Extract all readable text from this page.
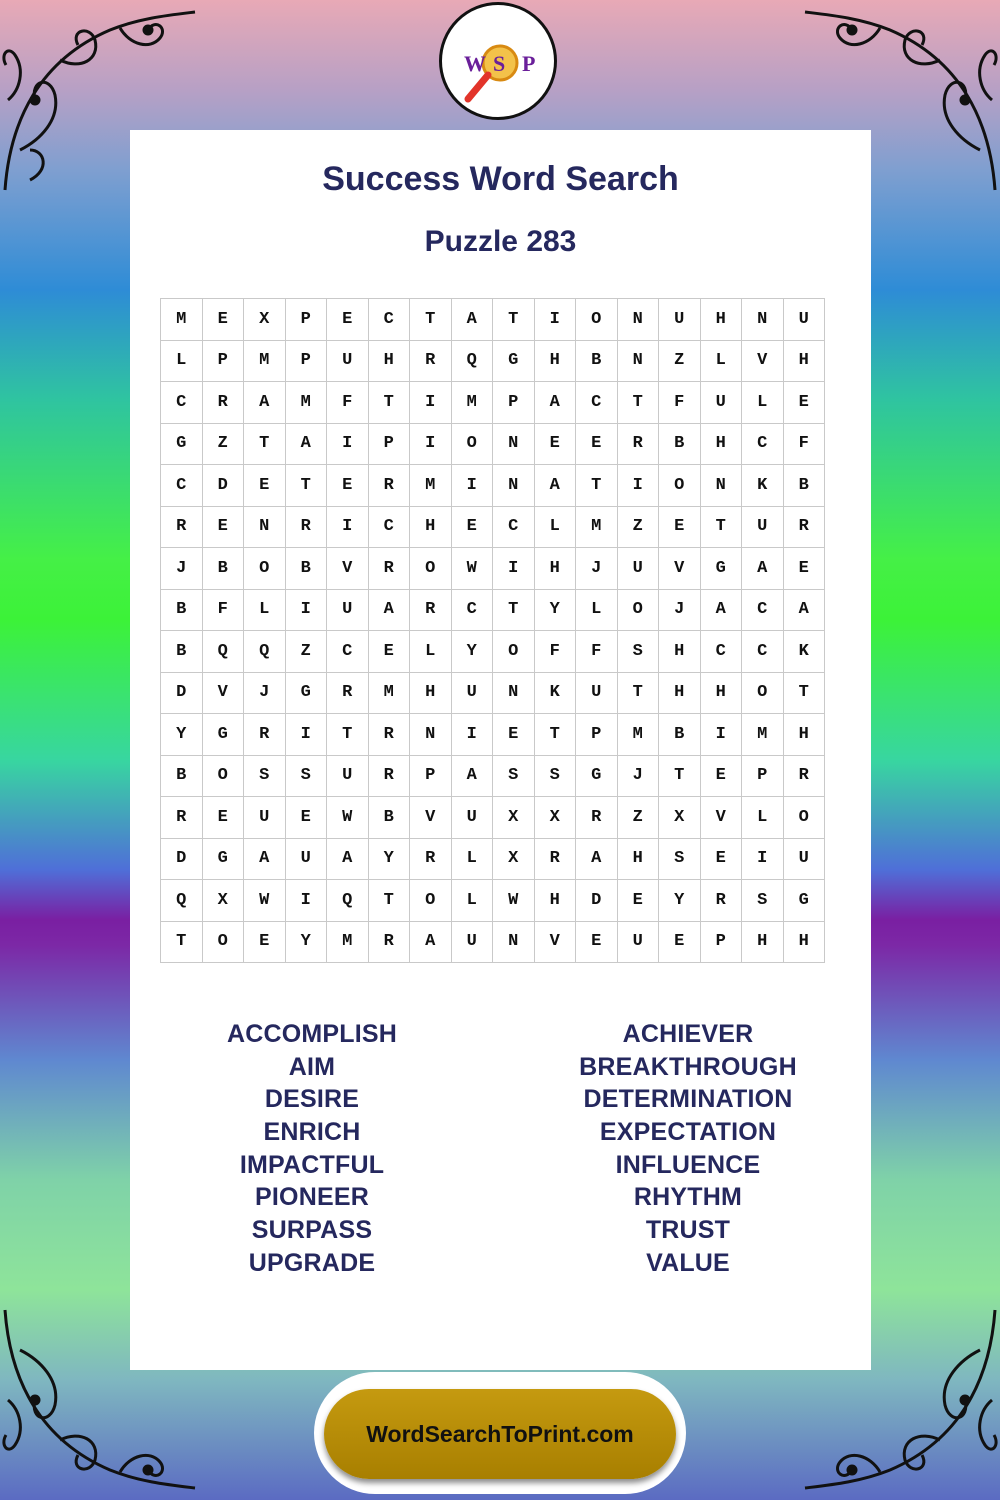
W S P
Success Word Search
Puzzle 283
M	E	X	P	E	C	T	A	T	I	O	N	U	H	N	U
L	P	M	P	U	H	R	Q	G	H	B	N	Z	L	V	H
C	R	A	M	F	T	I	M	P	A	C	T	F	U	L	E
G	Z	T	A	I	P	I	O	N	E	E	R	B	H	C	F
C	D	E	T	E	R	M	I	N	A	T	I	O	N	K	B
R	E	N	R	I	C	H	E	C	L	M	Z	E	T	U	R
J	B	O	B	V	R	O	W	I	H	J	U	V	G	A	E
B	F	L	I	U	A	R	C	T	Y	L	O	J	A	C	A
B	Q	Q	Z	C	E	L	Y	O	F	F	S	H	C	C	K
D	V	J	G	R	M	H	U	N	K	U	T	H	H	O	T
Y	G	R	I	T	R	N	I	E	T	P	M	B	I	M	H
B	O	S	S	U	R	P	A	S	S	G	J	T	E	P	R
R	E	U	E	W	B	V	U	X	X	R	Z	X	V	L	O
D	G	A	U	A	Y	R	L	X	R	A	H	S	E	I	U
Q	X	W	I	Q	T	O	L	W	H	D	E	Y	R	S	G
T	O	E	Y	M	R	A	U	N	V	E	U	E	P	H	H
ACCOMPLISH
AIM
DESIRE
ENRICH
IMPACTFUL
PIONEER
SURPASS
UPGRADE
ACHIEVER
BREAKTHROUGH
DETERMINATION
EXPECTATION
INFLUENCE
RHYTHM
TRUST
VALUE
WordSearchToPrint.com
